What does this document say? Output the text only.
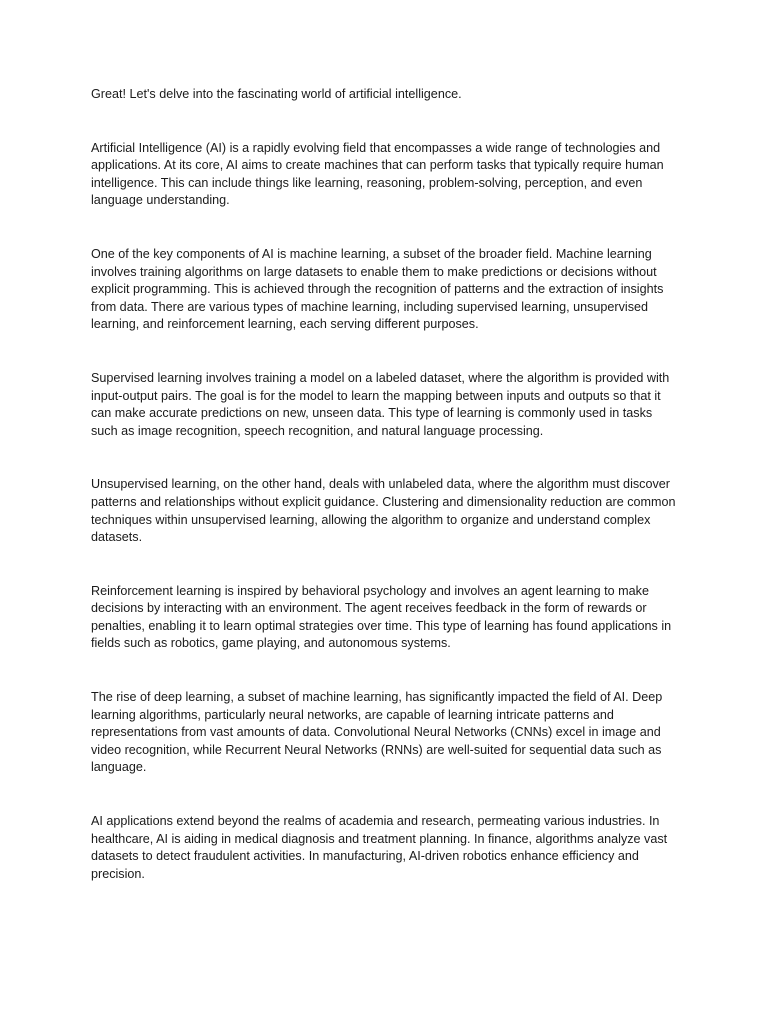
Great! Let's delve into the fascinating world of artificial intelligence.

Artificial Intelligence (AI) is a rapidly evolving field that encompasses a wide range of technologies and applications. At its core, AI aims to create machines that can perform tasks that typically require human intelligence. This can include things like learning, reasoning, problem-solving, perception, and even language understanding.

One of the key components of AI is machine learning, a subset of the broader field. Machine learning involves training algorithms on large datasets to enable them to make predictions or decisions without explicit programming. This is achieved through the recognition of patterns and the extraction of insights from data. There are various types of machine learning, including supervised learning, unsupervised learning, and reinforcement learning, each serving different purposes.

Supervised learning involves training a model on a labeled dataset, where the algorithm is provided with input-output pairs. The goal is for the model to learn the mapping between inputs and outputs so that it can make accurate predictions on new, unseen data. This type of learning is commonly used in tasks such as image recognition, speech recognition, and natural language processing.

Unsupervised learning, on the other hand, deals with unlabeled data, where the algorithm must discover patterns and relationships without explicit guidance. Clustering and dimensionality reduction are common techniques within unsupervised learning, allowing the algorithm to organize and understand complex datasets.

Reinforcement learning is inspired by behavioral psychology and involves an agent learning to make decisions by interacting with an environment. The agent receives feedback in the form of rewards or penalties, enabling it to learn optimal strategies over time. This type of learning has found applications in fields such as robotics, game playing, and autonomous systems.

The rise of deep learning, a subset of machine learning, has significantly impacted the field of AI. Deep learning algorithms, particularly neural networks, are capable of learning intricate patterns and representations from vast amounts of data. Convolutional Neural Networks (CNNs) excel in image and video recognition, while Recurrent Neural Networks (RNNs) are well-suited for sequential data such as language.

AI applications extend beyond the realms of academia and research, permeating various industries. In healthcare, AI is aiding in medical diagnosis and treatment planning. In finance, algorithms analyze vast datasets to detect fraudulent activities. In manufacturing, AI-driven robotics enhance efficiency and precision.
